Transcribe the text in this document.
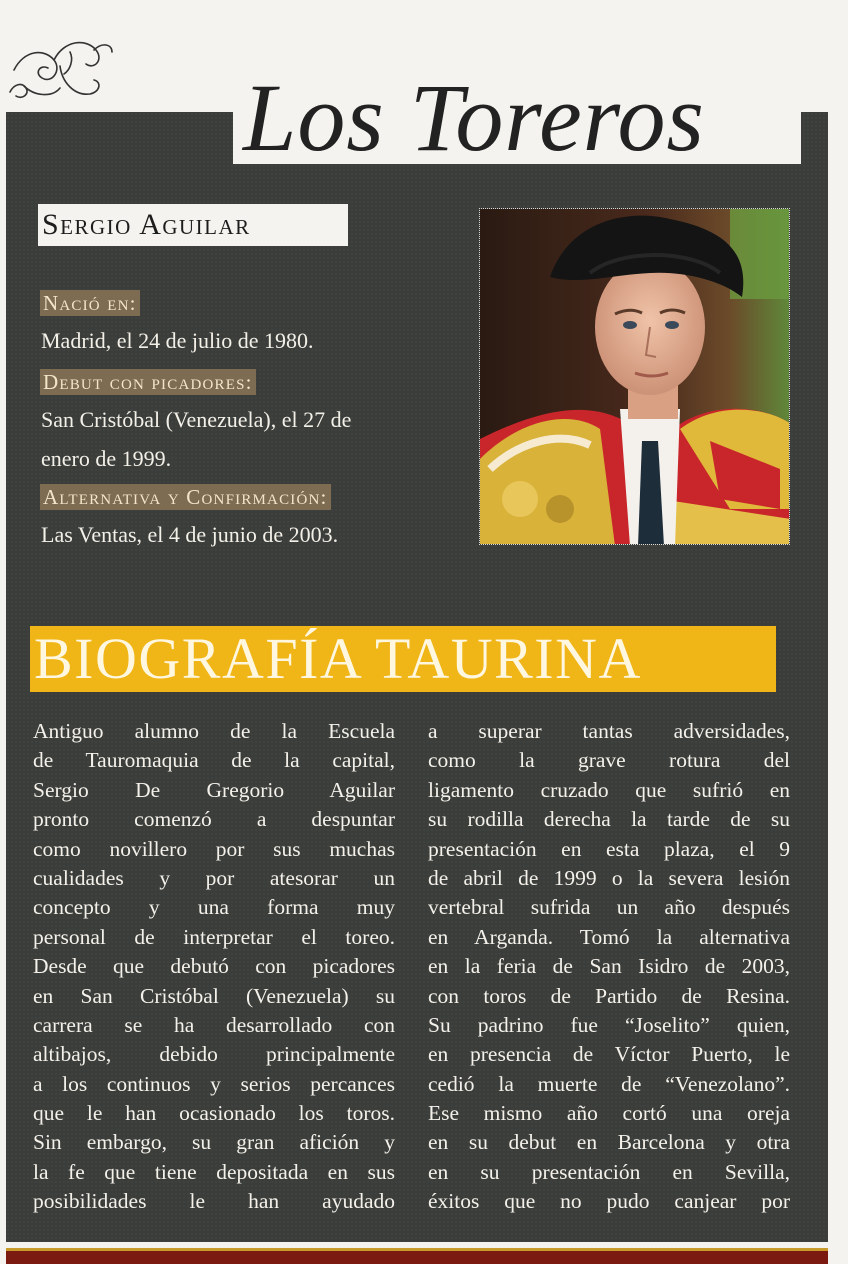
Los Toreros
Sergio Aguilar
Nació en:
Madrid, el 24 de julio de 1980.
Debut con picadores:
San Cristóbal (Venezuela), el 27 de
enero de 1999.
Alternativa y Confirmación:
Las Ventas, el 4 de junio de 2003.
BIOGRAFÍA TAURINA
Antiguo alumno de la Escuela
de Tauromaquia de la capital,
Sergio De Gregorio Aguilar
pronto comenzó a despuntar
como novillero por sus muchas
cualidades y por atesorar un
concepto y una forma muy
personal de interpretar el toreo.
Desde que debutó con picadores
en San Cristóbal (Venezuela) su
carrera se ha desarrollado con
altibajos, debido principalmente
a los continuos y serios percances
que le han ocasionado los toros.
Sin embargo, su gran afición y
la fe que tiene depositada en sus
posibilidades le han ayudado
a superar tantas adversidades,
como la grave rotura del
ligamento cruzado que sufrió en
su rodilla derecha la tarde de su
presentación en esta plaza, el 9
de abril de 1999 o la severa lesión
vertebral sufrida un año después
en Arganda. Tomó la alternativa
en la feria de San Isidro de 2003,
con toros de Partido de Resina.
Su padrino fue “Joselito” quien,
en presencia de Víctor Puerto, le
cedió la muerte de “Venezolano”.
Ese mismo año cortó una oreja
en su debut en Barcelona y otra
en su presentación en Sevilla,
éxitos que no pudo canjear por
